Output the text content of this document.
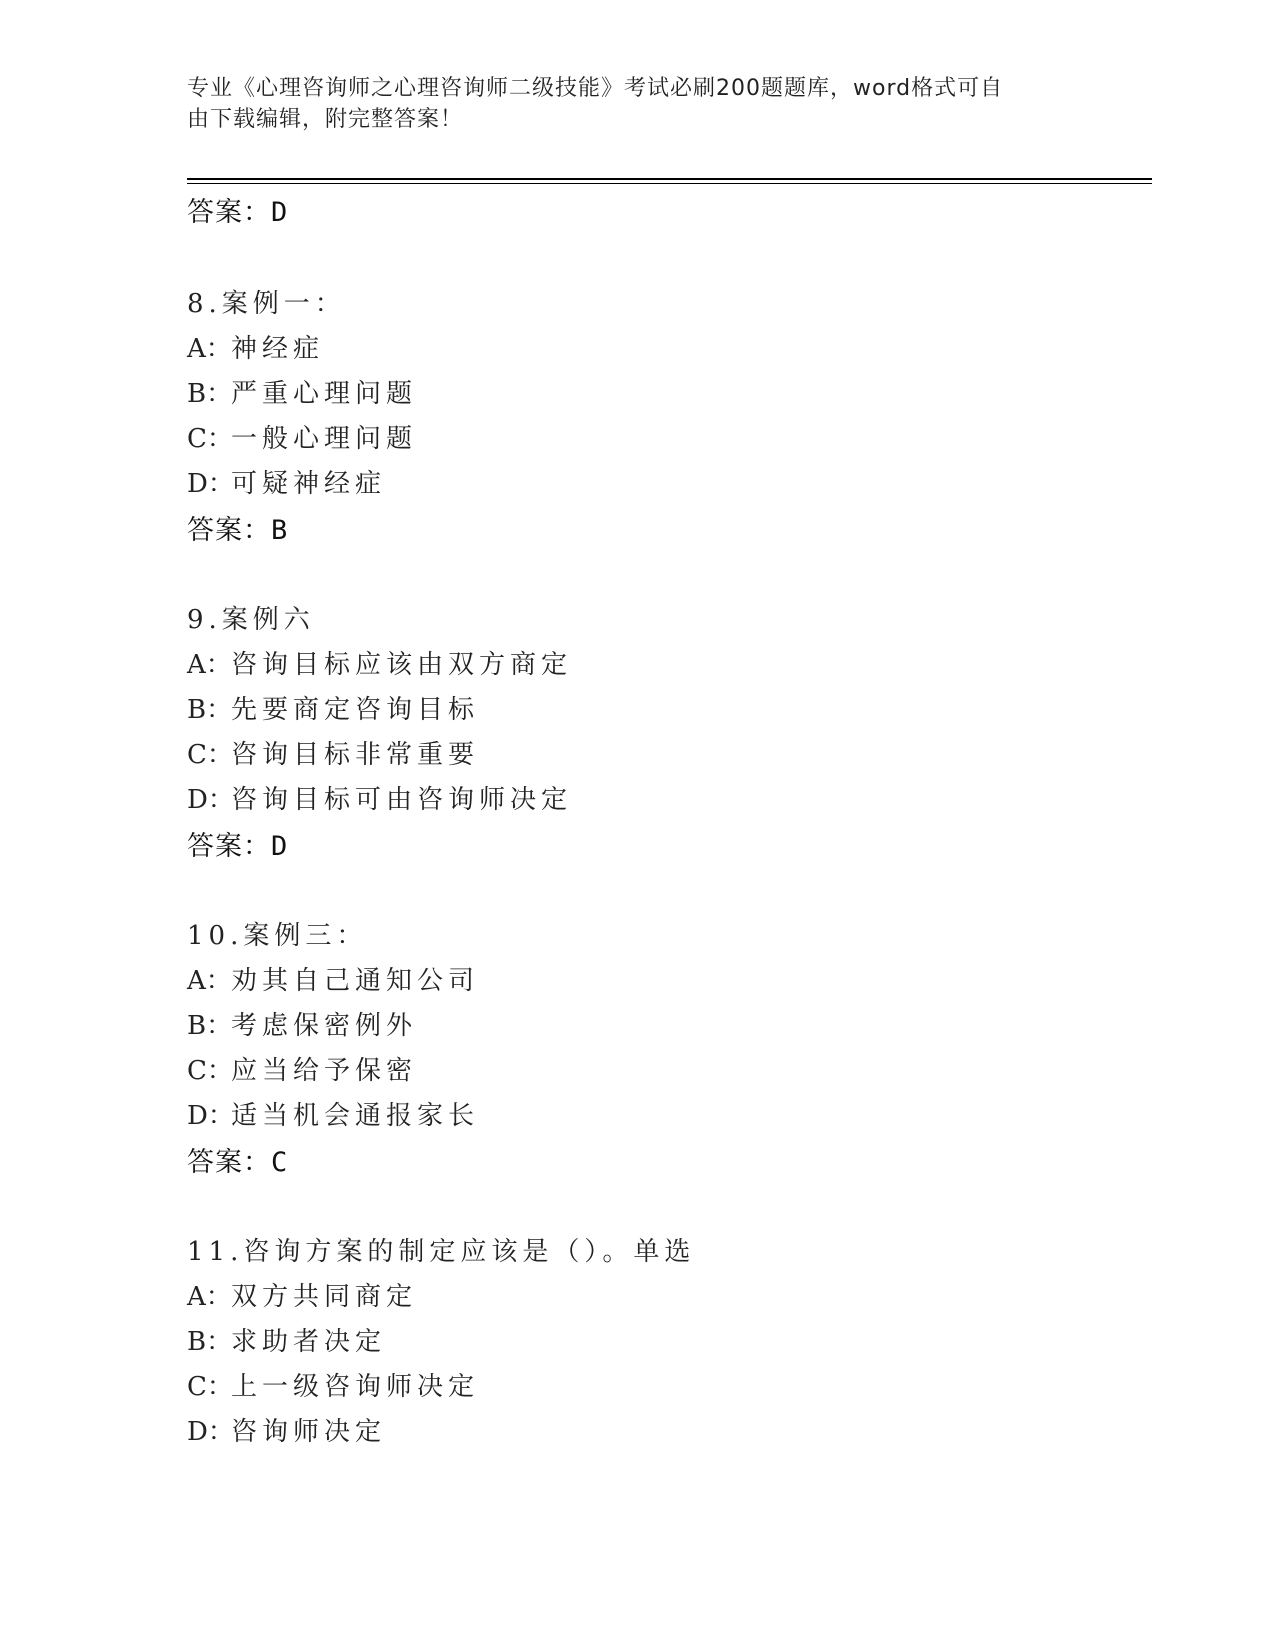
专业《心理咨询师之心理咨询师二级技能》考试必刷200题题库，word格式可自
由下载编辑，附完整答案！
答案：D
8.案例一：
A：神经症
B：严重心理问题
C：一般心理问题
D：可疑神经症
答案：B
9.案例六
A：咨询目标应该由双方商定
B：先要商定咨询目标
C：咨询目标非常重要
D：咨询目标可由咨询师决定
答案：D
10.案例三：
A：劝其自己通知公司
B：考虑保密例外
C：应当给予保密
D：适当机会通报家长
答案：C
11.咨询方案的制定应该是（）。单选
A：双方共同商定
B：求助者决定
C：上一级咨询师决定
D：咨询师决定
